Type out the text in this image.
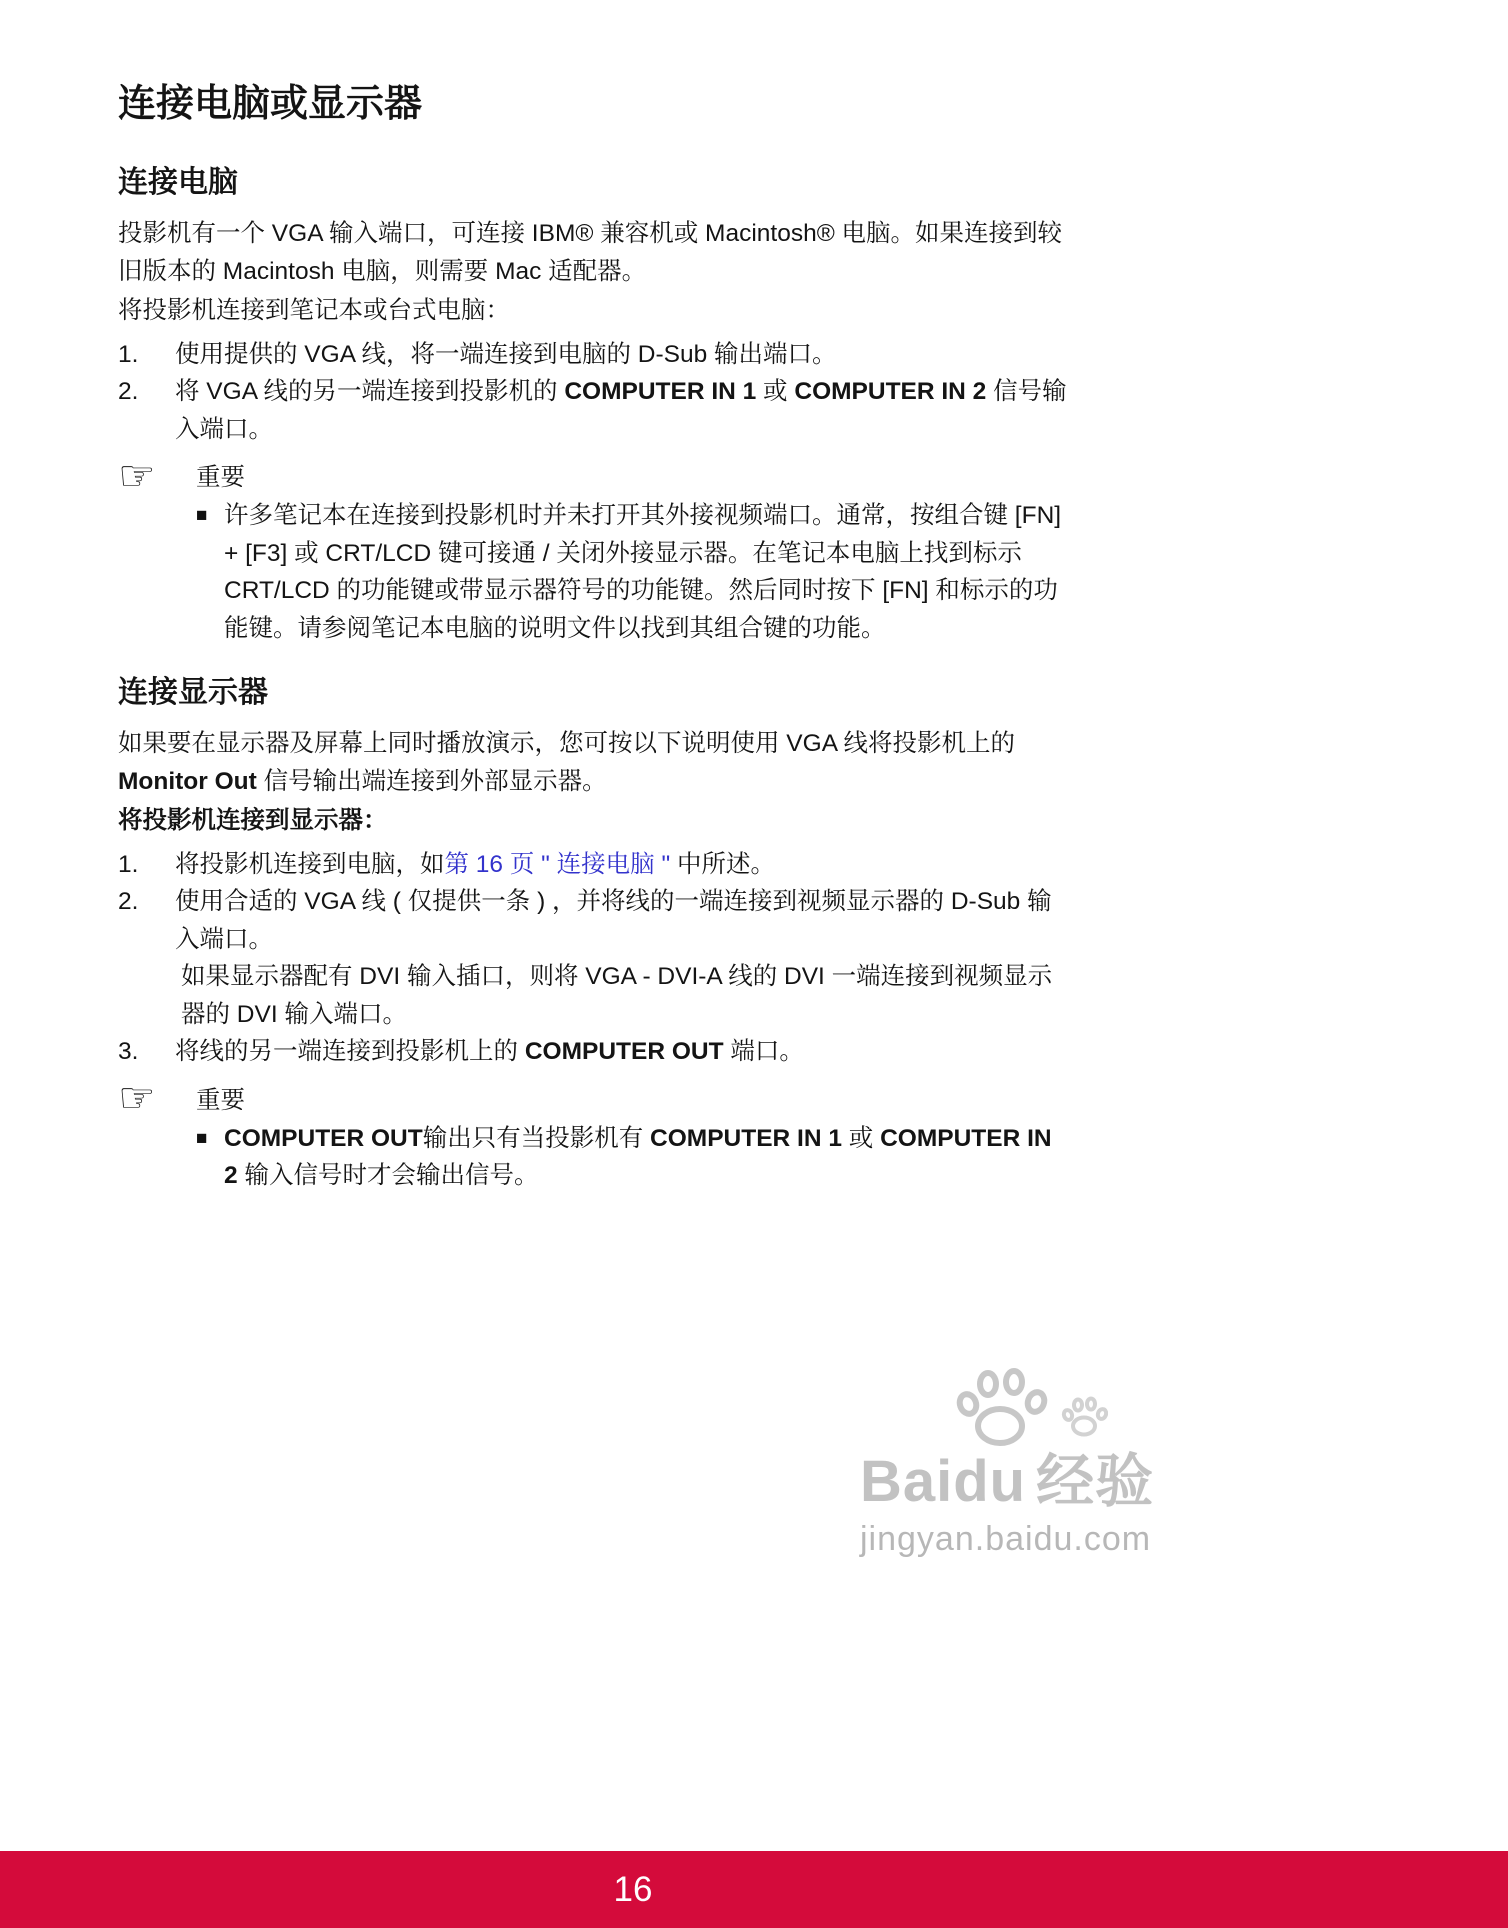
连接电脑或显示器
连接电脑
投影机有一个 VGA 输入端口，可连接 IBM® 兼容机或 Macintosh® 电脑。如果连接到较旧版本的 Macintosh 电脑，则需要 Mac 适配器。
将投影机连接到笔记本或台式电脑：
1.	使用提供的 VGA 线，将一端连接到电脑的 D-Sub 输出端口。
2.	将 VGA 线的另一端连接到投影机的 COMPUTER IN 1 或 COMPUTER IN 2 信号输入端口。
☞	重要
■ 许多笔记本在连接到投影机时并未打开其外接视频端口。通常，按组合键 [FN] + [F3] 或 CRT/LCD 键可接通 / 关闭外接显示器。在笔记本电脑上找到标示 CRT/LCD 的功能键或带显示器符号的功能键。然后同时按下 [FN] 和标示的功能键。请参阅笔记本电脑的说明文件以找到其组合键的功能。
连接显示器
如果要在显示器及屏幕上同时播放演示，您可按以下说明使用 VGA 线将投影机上的 Monitor Out 信号输出端连接到外部显示器。
将投影机连接到显示器：
1.	将投影机连接到电脑，如第 16 页 " 连接电脑 " 中所述。
2.	使用合适的 VGA 线 ( 仅提供一条 ) ，并将线的一端连接到视频显示器的 D-Sub 输入端口。
如果显示器配有 DVI 输入插口，则将 VGA - DVI-A 线的 DVI 一端连接到视频显示器的 DVI 输入端口。
3.	将线的另一端连接到投影机上的 COMPUTER OUT 端口。
☞	重要
■ COMPUTER OUT输出只有当投影机有 COMPUTER IN 1 或 COMPUTER IN 2 输入信号时才会输出信号。
Baidu 经验
jingyan.baidu.com
16
